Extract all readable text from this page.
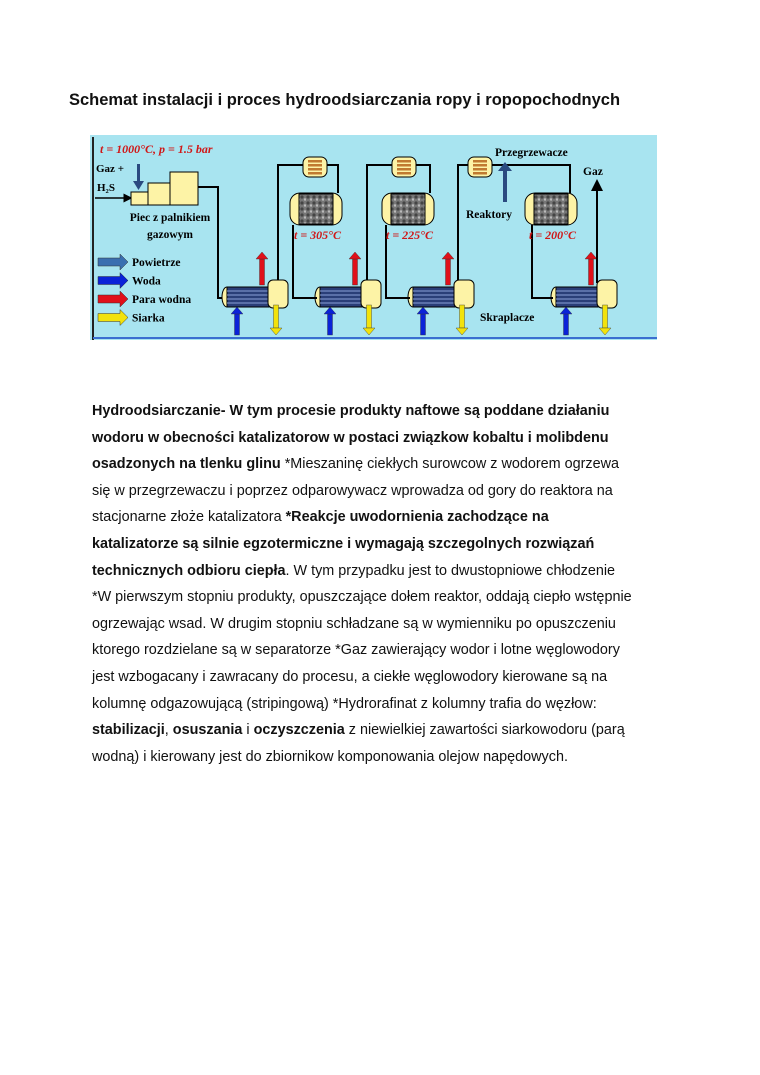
Schemat instalacji i proces hydroodsiarczania ropy i ropopochodnych
t = 1000°C, p = 1.5 bar
Gaz +
H₂S
Piec z palnikiem
gazowym
Powietrze
Woda
Para wodna
Siarka
t = 305°C	t = 225°C	t = 200°C
Przegrzewacze
Reaktory
Skraplacze
Gaz
Hydroodsiarczanie- W tym procesie produkty naftowe są poddane działaniu
wodoru w obecności katalizatorow w postaci związkow kobaltu i molibdenu
osadzonych na tlenku glinu *Mieszaninę ciekłych surowcow z wodorem ogrzewa
się w przegrzewaczu i poprzez odparowywacz wprowadza od gory do reaktora na
stacjonarne złoże katalizatora *Reakcje uwodornienia zachodzące na
katalizatorze są silnie egzotermiczne i wymagają szczegolnych rozwiązań
technicznych odbioru ciepła. W tym przypadku jest to dwustopniowe chłodzenie
*W pierwszym stopniu produkty, opuszczające dołem reaktor, oddają ciepło wstępnie
ogrzewając wsad. W drugim stopniu schładzane są w wymienniku po opuszczeniu
ktorego rozdzielane są w separatorze *Gaz zawierający wodor i lotne węglowodory
jest wzbogacany i zawracany do procesu, a ciekłe węglowodory kierowane są na
kolumnę odgazowującą (stripingową) *Hydrorafinat z kolumny trafia do węzłow:
stabilizacji, osuszania i oczyszczenia z niewielkiej zawartości siarkowodoru (parą
wodną) i kierowany jest do zbiornikow komponowania olejow napędowych.
